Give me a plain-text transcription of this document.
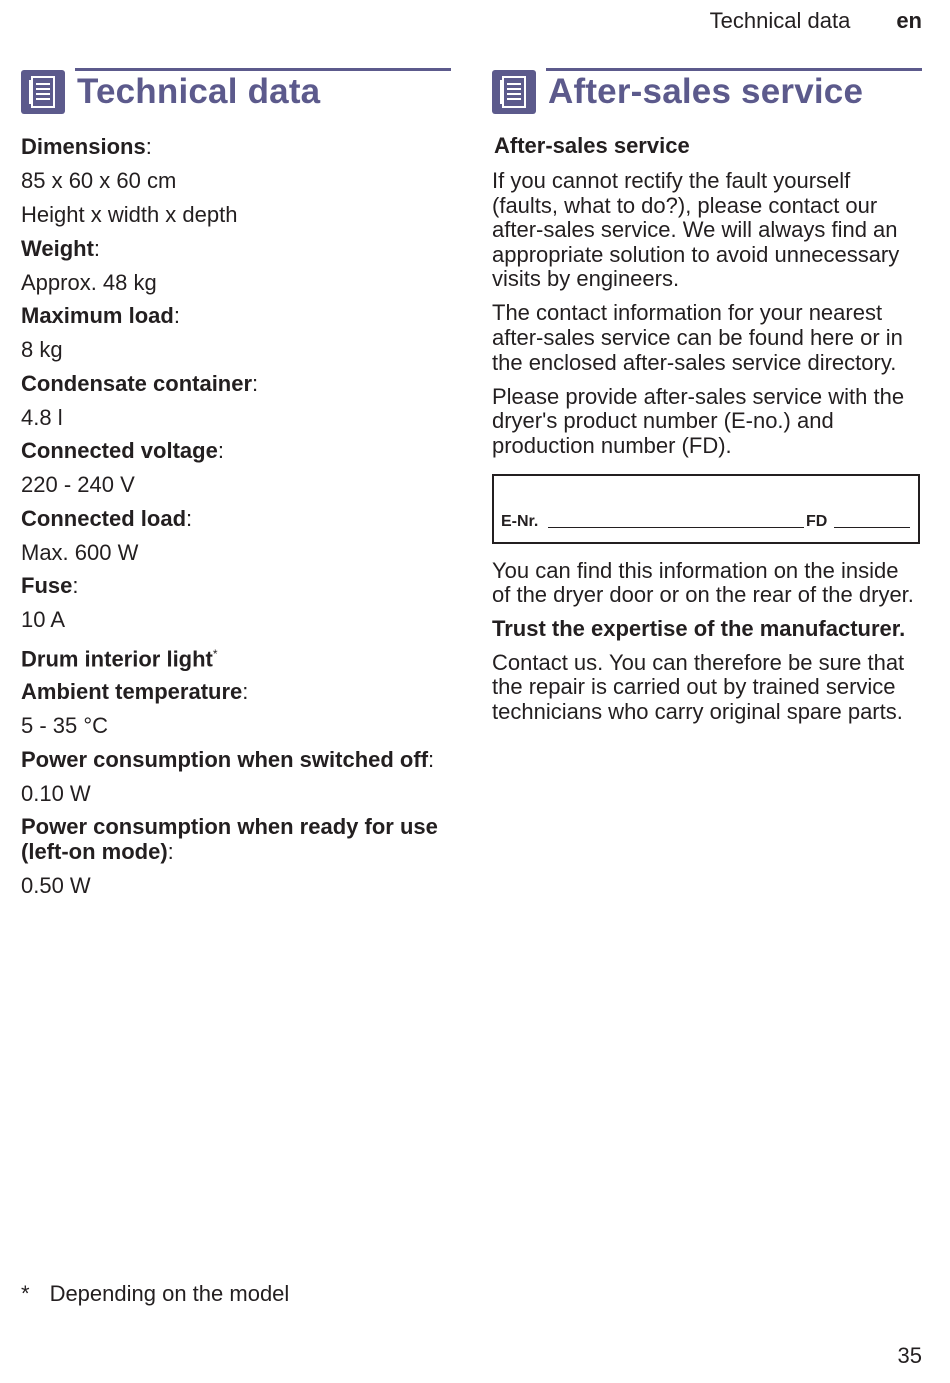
Technical data en
Technical data
Dimensions:
85 x 60 x 60 cm
Height x width x depth
Weight:
Approx. 48 kg
Maximum load:
8 kg
Condensate container:
4.8 l
Connected voltage:
220 - 240 V
Connected load:
Max. 600 W
Fuse:
10 A
Drum interior light*
Ambient temperature:
5 - 35 °C
Power consumption when switched off:
0.10 W
Power consumption when ready for use (left-on mode):
0.50 W
After-sales service
After-sales service
If you cannot rectify the fault yourself (faults, what to do?), please contact our after-sales service. We will always find an appropriate solution to avoid unnecessary visits by engineers.
The contact information for your nearest after-sales service can be found here or in the enclosed after-sales service directory.
Please provide after-sales service with the dryer's product number (E-no.) and production number (FD).
E-Nr.	FD
You can find this information on the inside of the dryer door or on the rear of the dryer.
Trust the expertise of the manufacturer.
Contact us. You can therefore be sure that the repair is carried out by trained service technicians who carry original spare parts.
* Depending on the model
35
